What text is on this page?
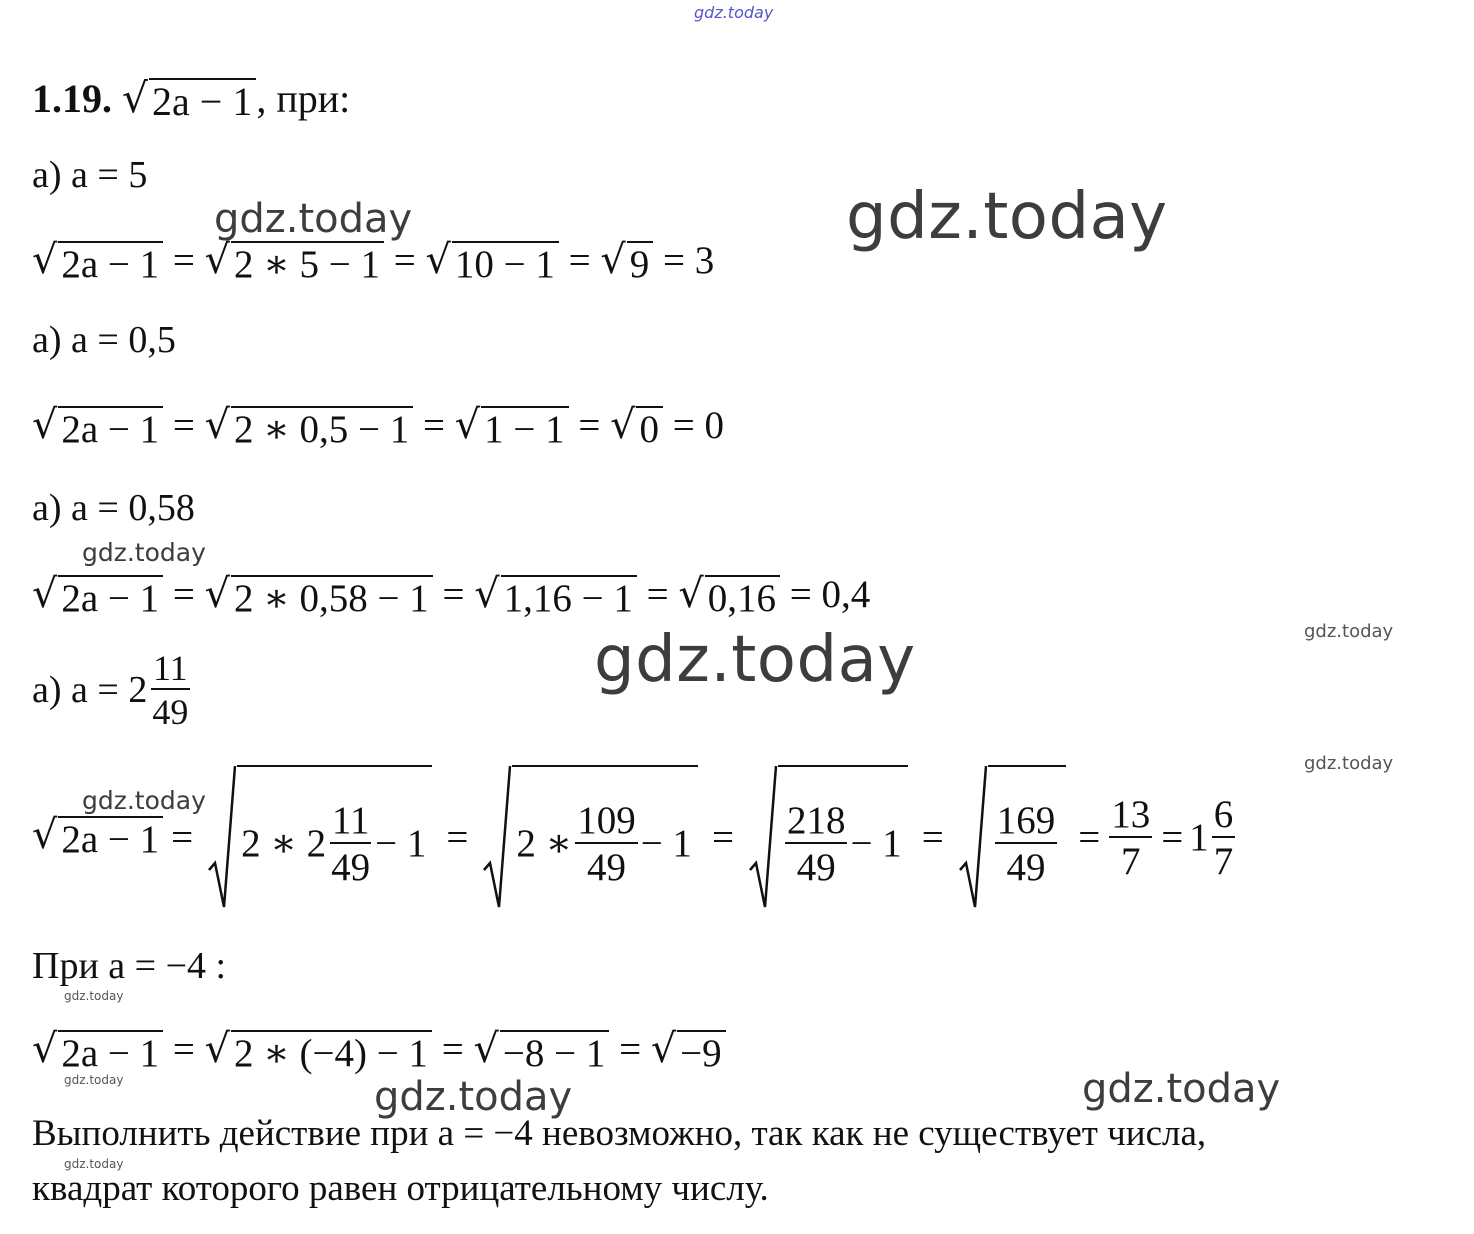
1.19. √ 2a − 1 , при:
а) a = 5
√ 2a − 1 = √ 2 ∗ 5 − 1 = √ 10 − 1 = √ 9 = 3
а) a = 0,5
√ 2a − 1 = √ 2 ∗ 0,5 − 1 = √ 1 − 1 = √ 0 = 0
а) a = 0,58
√ 2a − 1 = √ 2 ∗ 0,58 − 1 = √ 1,16 − 1 = √ 0,16 = 0,4
а) $a = 2 \frac{11}{49}$
√ 2a − 1 = 2 ∗ $2 \frac{11}{49} - 1 = 2$ ∗ $\frac{109}{49} - 1 = \frac{218}{49} - 1 = \frac{169}{49} = \frac{13}{7} = 1 \frac{6}{7}$
При a = −4 :
√ 2a − 1 = √ 2 ∗ (−4) − 1 = √ −8 − 1 = √ −9
Выполнить действие при a = −4 невозможно, так как не существует числа,
квадрат которого равен отрицательному числу.
gdz.today
gdz.today	gdz.today
gdz.today
gdz.today	gdz.today
gdz.today
gdz.today
gdz.today
gdz.today	gdz.today	gdz.today
gdz.today
